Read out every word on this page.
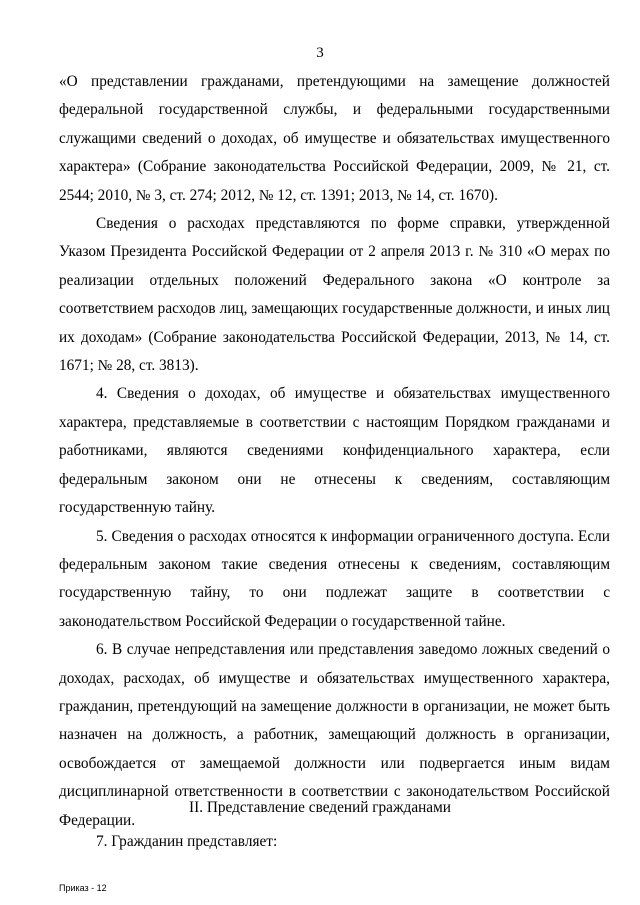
3

«О представлении гражданами, претендующими на замещение должностей федеральной государственной службы, и федеральными государственными служащими сведений о доходах, об имуществе и обязательствах имущественного характера» (Собрание законодательства Российской Федерации, 2009, № 21, ст. 2544; 2010, № 3, ст. 274; 2012, № 12, ст. 1391; 2013, № 14, ст. 1670).

Сведения о расходах представляются по форме справки, утвержденной Указом Президента Российской Федерации от 2 апреля 2013 г. № 310 «О мерах по реализации отдельных положений Федерального закона «О контроле за соответствием расходов лиц, замещающих государственные должности, и иных лиц их доходам» (Собрание законодательства Российской Федерации, 2013, № 14, ст. 1671; № 28, ст. 3813).

4. Сведения о доходах, об имуществе и обязательствах имущественного характера, представляемые в соответствии с настоящим Порядком гражданами и работниками, являются сведениями конфиденциального характера, если федеральным законом они не отнесены к сведениям, составляющим государственную тайну.

5. Сведения о расходах относятся к информации ограниченного доступа. Если федеральным законом такие сведения отнесены к сведениям, составляющим государственную тайну, то они подлежат защите в соответствии с законодательством Российской Федерации о государственной тайне.

6. В случае непредставления или представления заведомо ложных сведений о доходах, расходах, об имуществе и обязательствах имущественного характера, гражданин, претендующий на замещение должности в организации, не может быть назначен на должность, а работник, замещающий должность в организации, освобождается от замещаемой должности или подвергается иным видам дисциплинарной ответственности в соответствии с законодательством Российской Федерации.

II. Представление сведений гражданами
7. Гражданин представляет:
Приказ - 12
